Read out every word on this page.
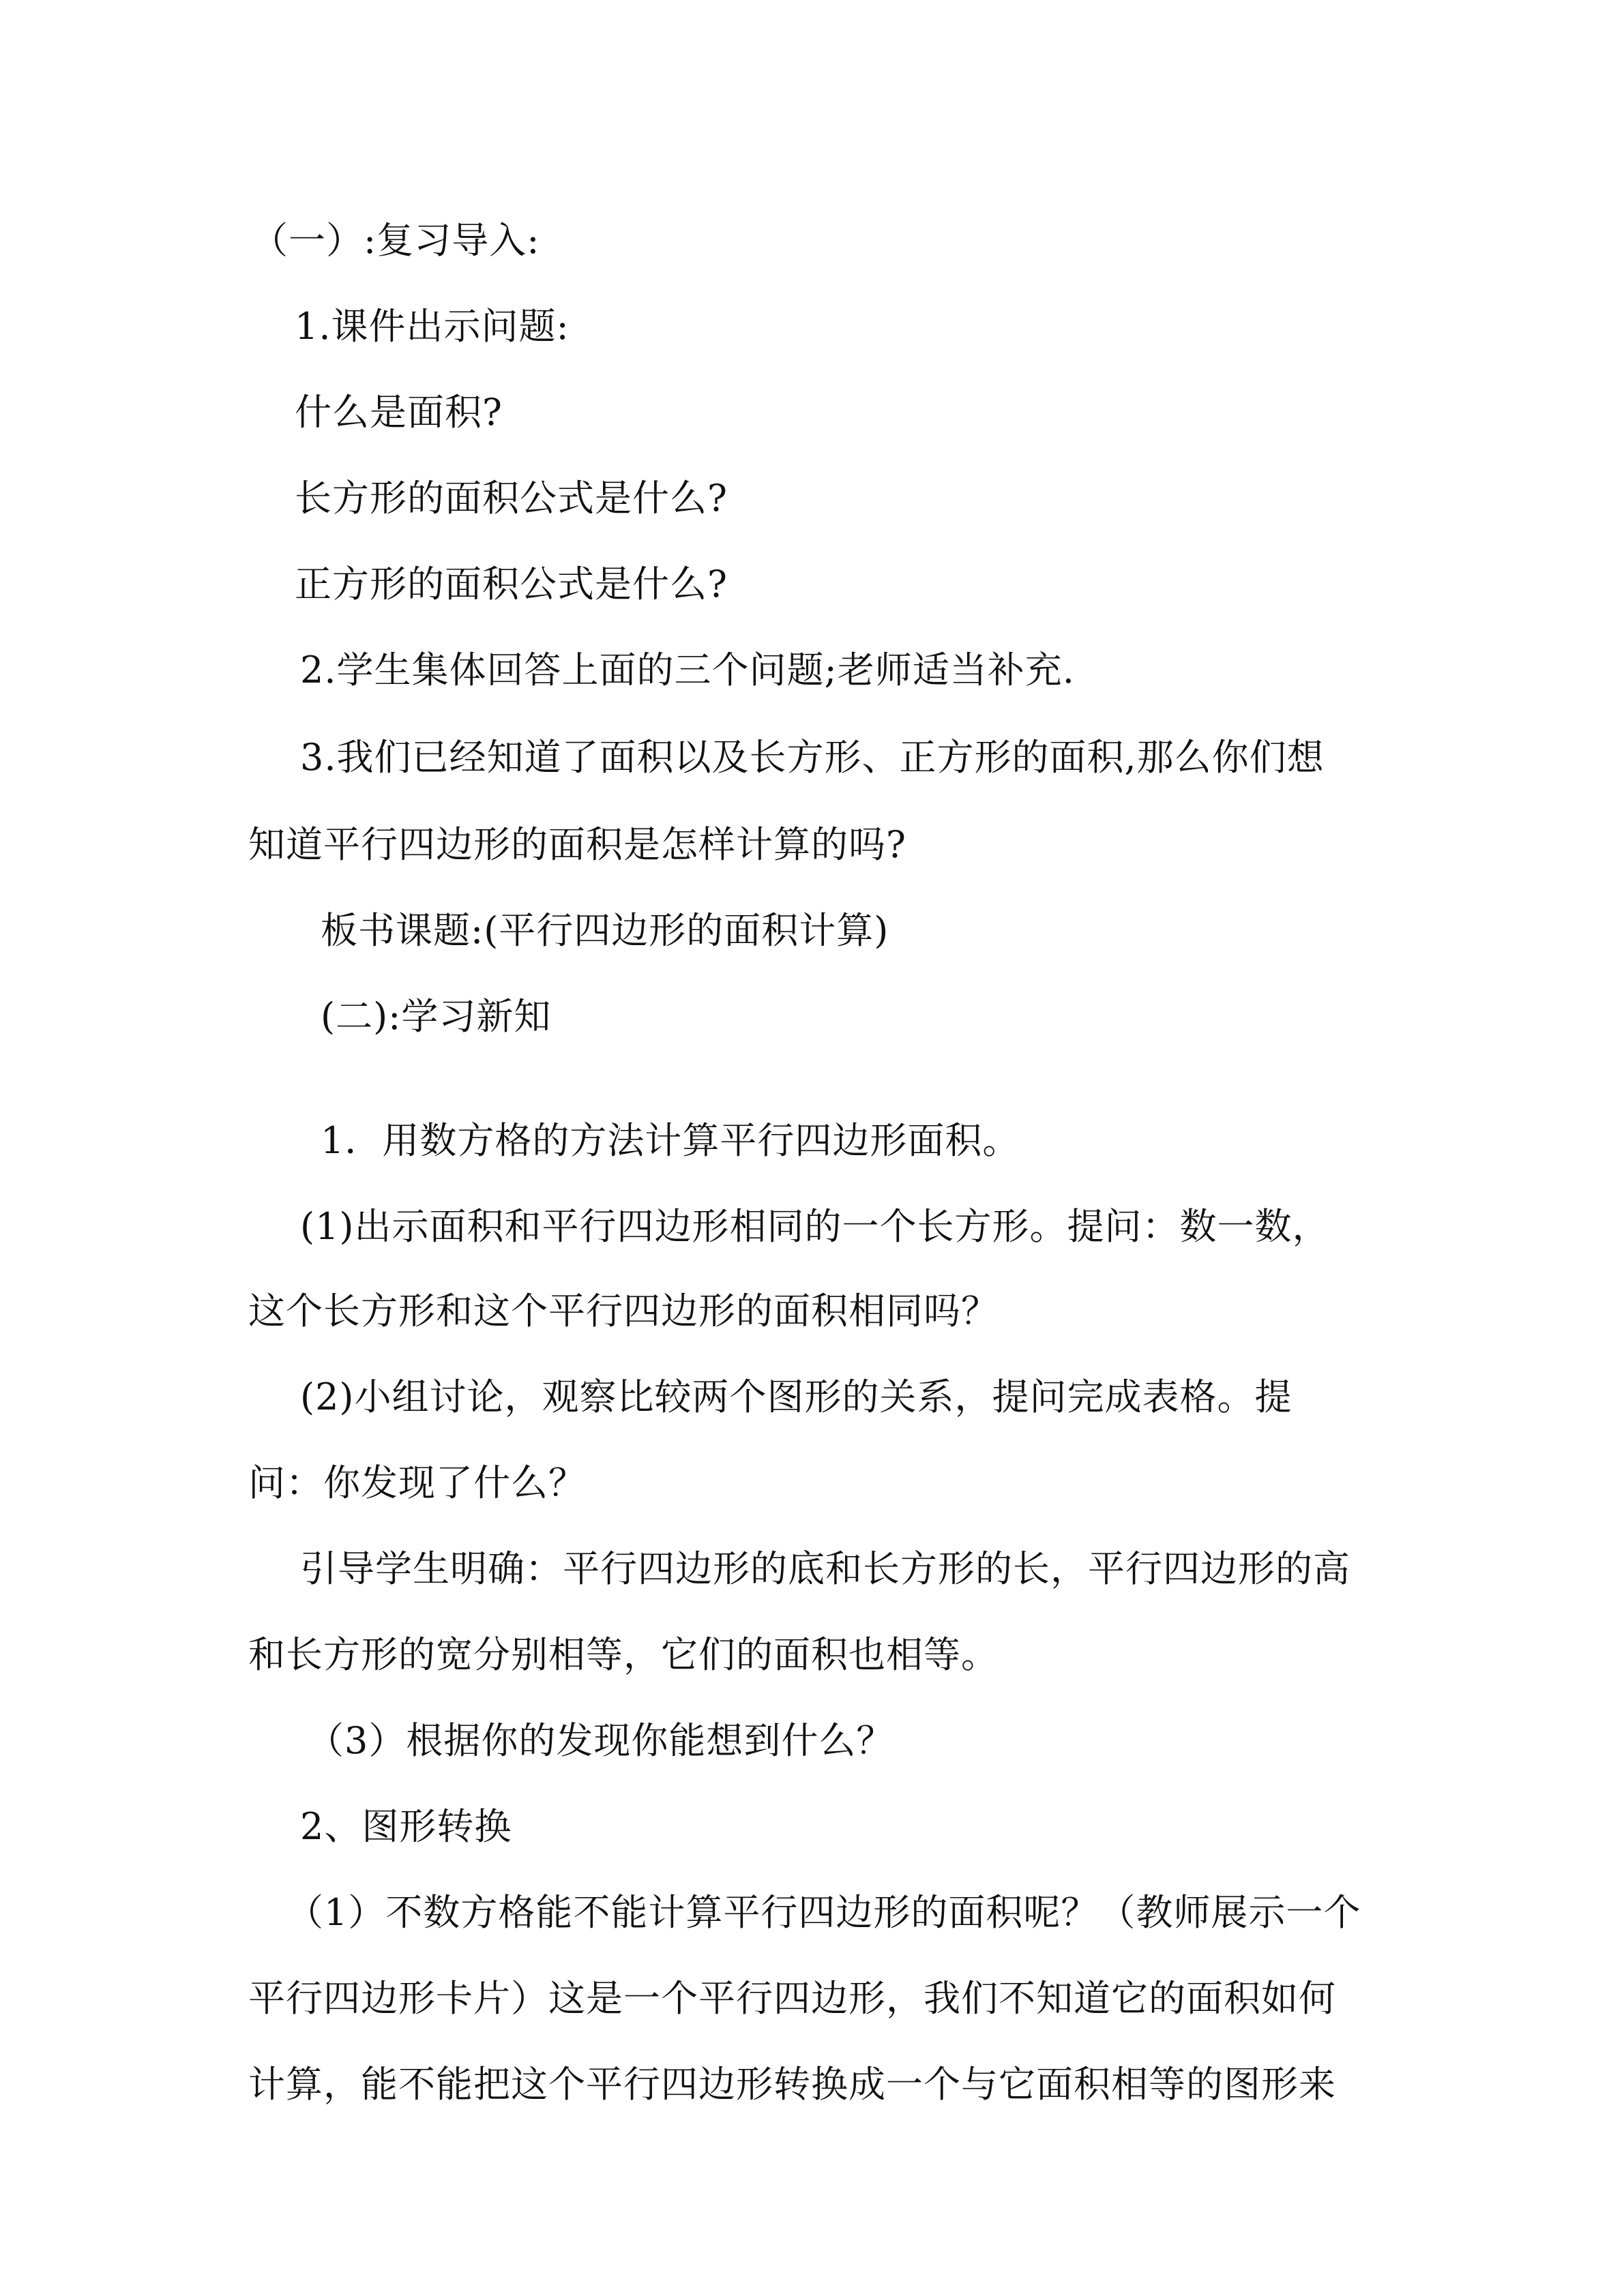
（一）:复习导入:
1.课件出示问题:
什么是面积?
长方形的面积公式是什么?
正方形的面积公式是什么?
2.学生集体回答上面的三个问题;老师适当补充.
3.我们已经知道了面积以及长方形、正方形的面积,那么你们想
知道平行四边形的面积是怎样计算的吗?
板书课题:(平行四边形的面积计算)
(二):学习新知
1．用数方格的方法计算平行四边形面积。
(1)出示面积和平行四边形相同的一个长方形。提问：数一数，
这个长方形和这个平行四边形的面积相同吗？
(2)小组讨论，观察比较两个图形的关系，提问完成表格。提
问：你发现了什么？
引导学生明确：平行四边形的底和长方形的长，平行四边形的高
和长方形的宽分别相等，它们的面积也相等。
（3）根据你的发现你能想到什么？
2、图形转换
（1）不数方格能不能计算平行四边形的面积呢？（教师展示一个
平行四边形卡片）这是一个平行四边形，我们不知道它的面积如何
计算，能不能把这个平行四边形转换成一个与它面积相等的图形来
